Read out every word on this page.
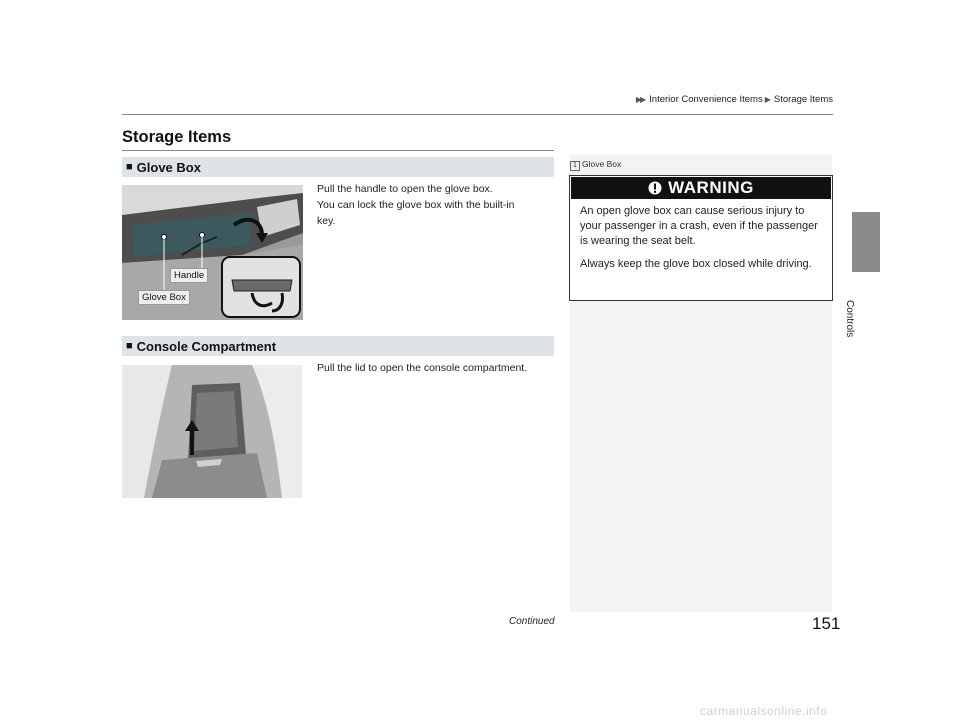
▶▶ Interior Convenience Items ▶ Storage Items
Storage Items
■ Glove Box
Handle
Glove Box
Pull the handle to open the glove box.
You can lock the glove box with the built-in
key.
■ Console Compartment
Pull the lid to open the console compartment.
1 Glove Box
WARNING

An open glove box can cause serious injury to your passenger in a crash, even if the passenger is wearing the seat belt.

Always keep the glove box closed while driving.

Controls
Continued	151
carmanualsonline.info
